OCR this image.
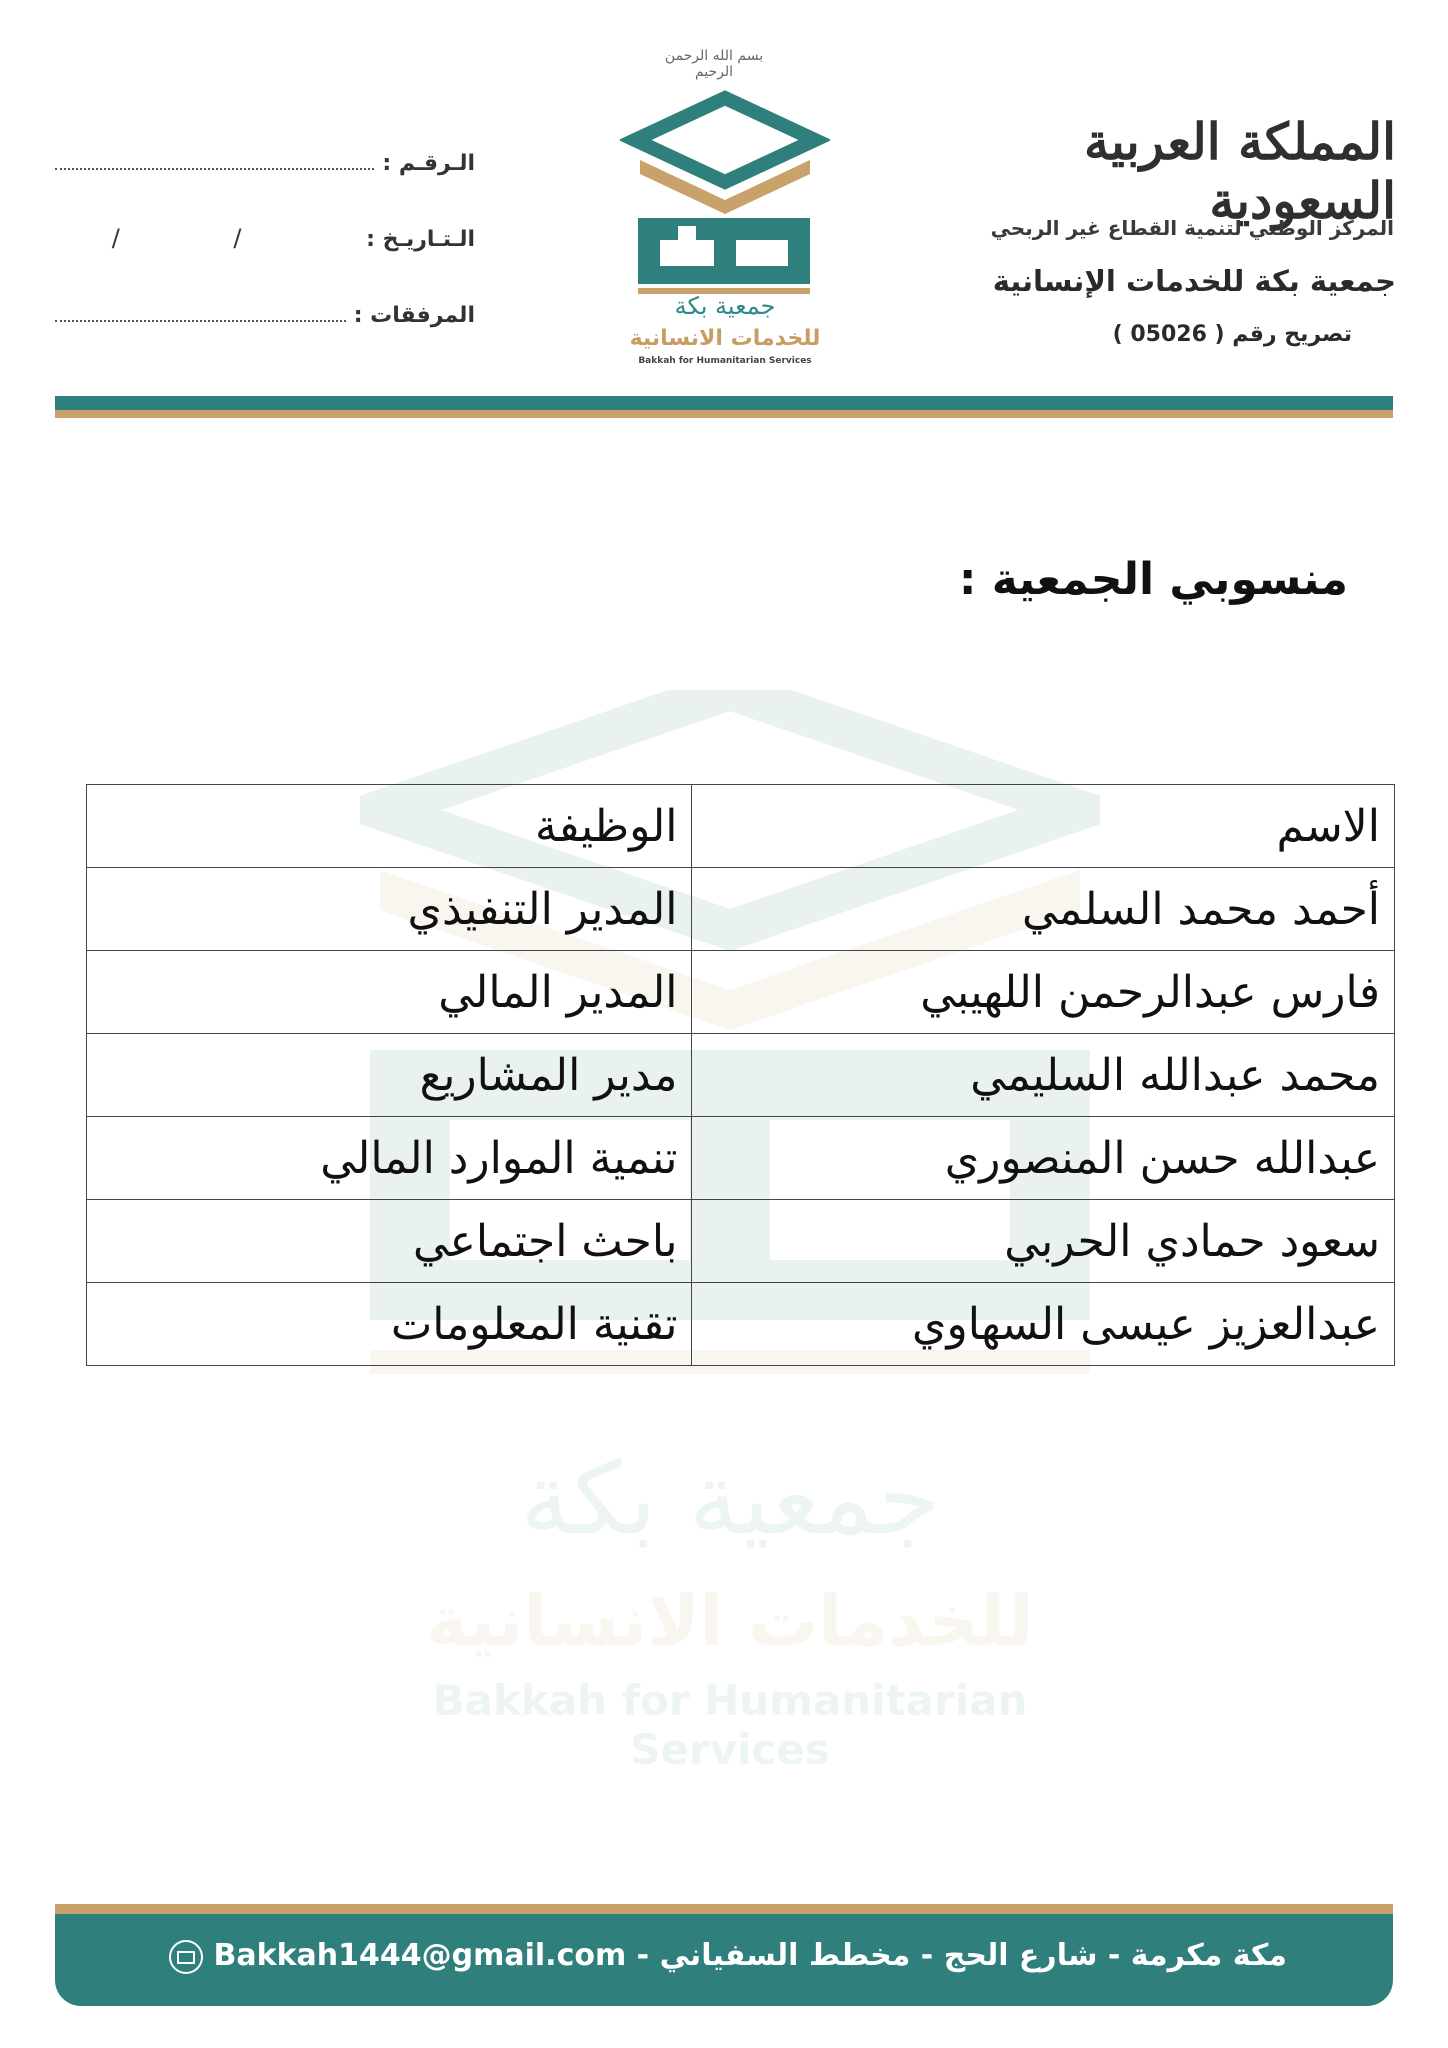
المملكة العربية السعودية
المركز الوطني لتنمية القطاع غير الربحي
جمعية بكة للخدمات الإنسانية
تصريح رقم ( 05026 )
الـرقـم :
الـتـاريـخ :
/	/
المرفقات :
بسم الله الرحمن الرحيم
جمعية بكة
للخدمات الانسانية
Bakkah for Humanitarian Services
جمعية بكة
للخدمات الانسانية
Bakkah for Humanitarian Services
منسوبي الجمعية :
الاسم	الوظيفة
أحمد محمد السلمي	المدير التنفيذي
فارس عبدالرحمن اللهيبي	المدير المالي
محمد عبدالله السليمي	مدير المشاريع
عبدالله حسن المنصوري	تنمية الموارد المالي
سعود حمادي الحربي	باحث اجتماعي
عبدالعزيز عيسى السهاوي	تقنية المعلومات
مكة مكرمة - شارع الحج - مخطط السفياني - Bakkah1444@gmail.com
